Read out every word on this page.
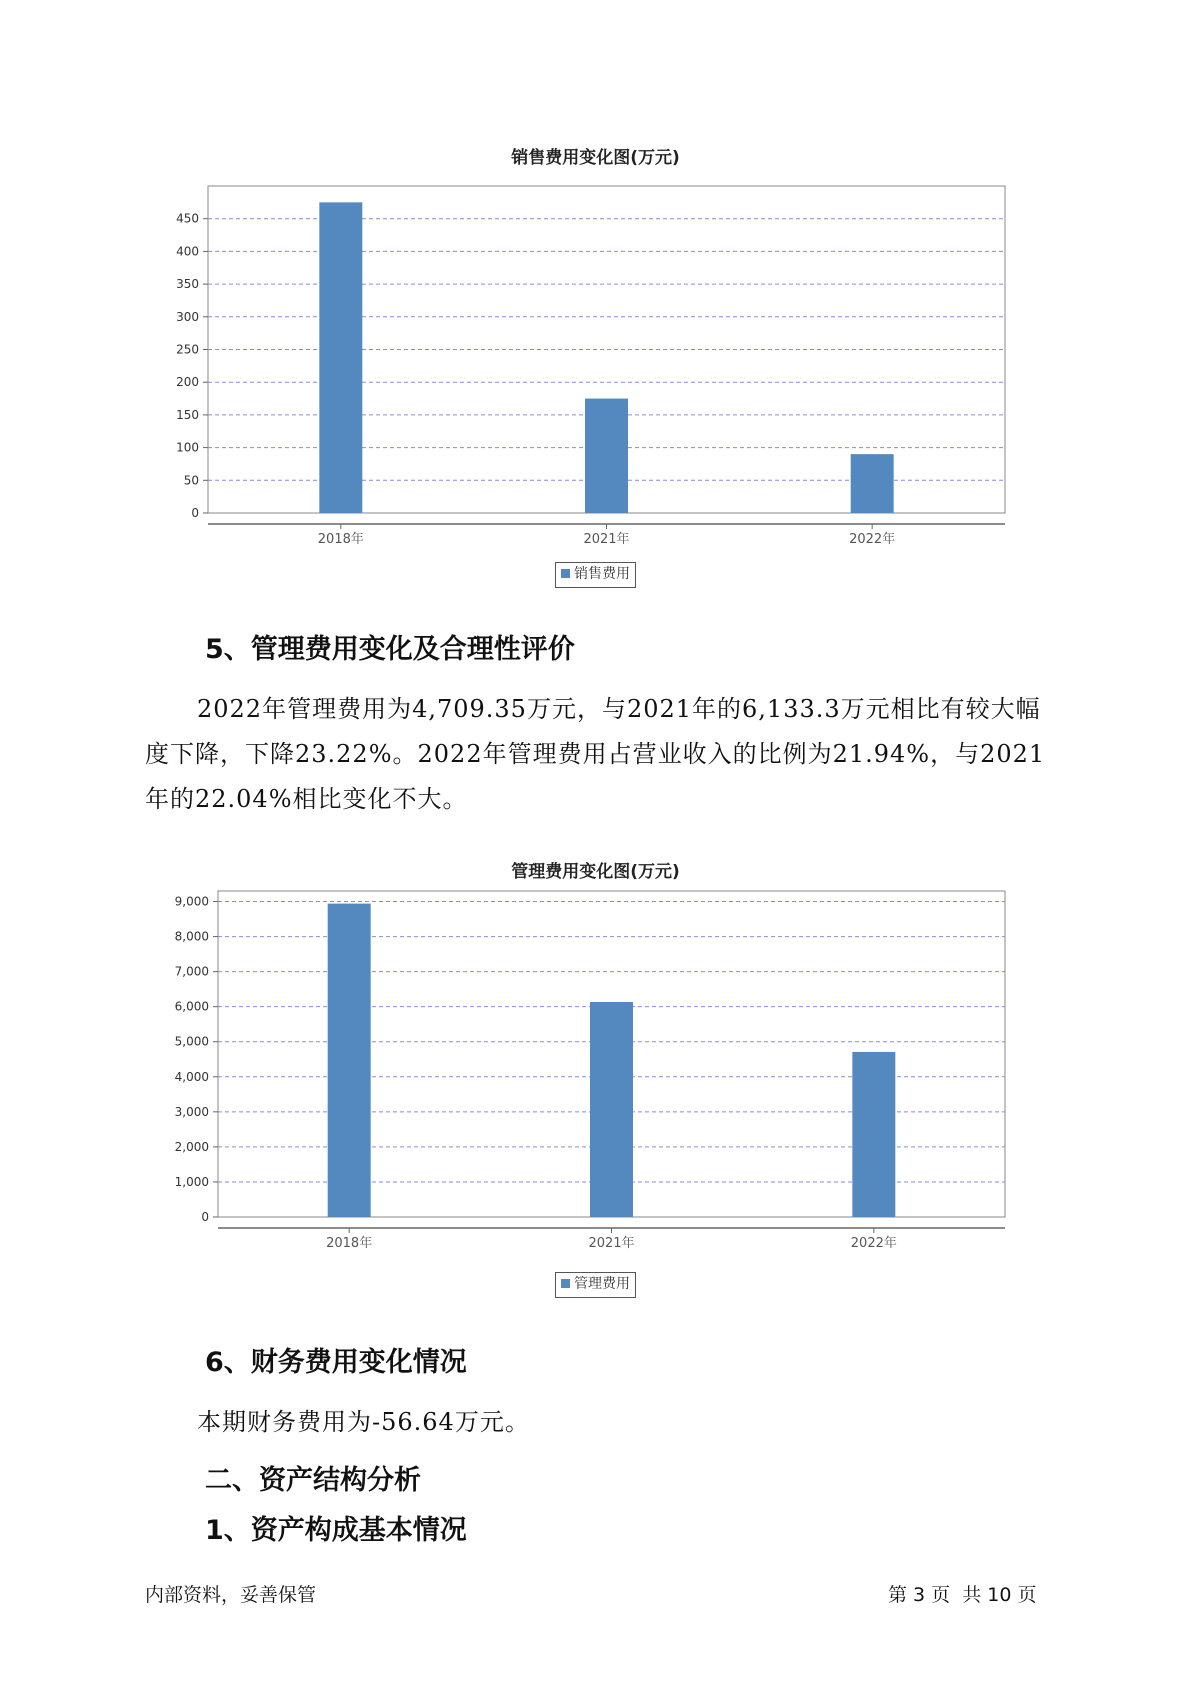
销售费用变化图(万元)
0
50
100
150
200
250
300
350
400
450
2018年	2021年	2022年
销售费用
5、管理费用变化及合理性评价
2022年管理费用为4,709.35万元，与2021年的6,133.3万元相比有较大幅度下降，下降23.22%。2022年管理费用占营业收入的比例为21.94%，与2021年的22.04%相比变化不大。
管理费用变化图(万元)
0
1,000
2,000
3,000
4,000
5,000
6,000
7,000
8,000
9,000
2018年	2021年	2022年
管理费用
6、财务费用变化情况
本期财务费用为-56.64万元。
二、资产结构分析
1、资产构成基本情况
内部资料，妥善保管	第 3 页  共 10 页
